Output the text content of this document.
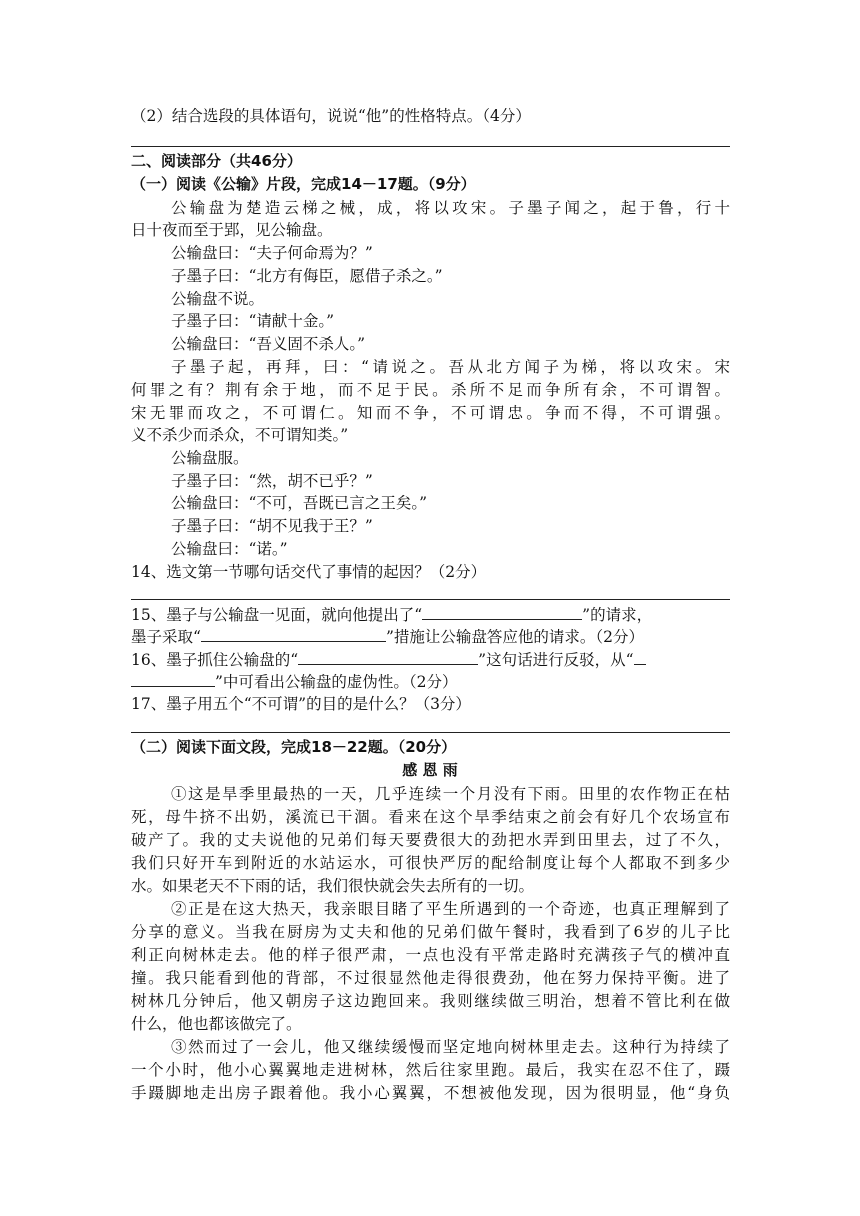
（2）结合选段的具体语句，说说“他”的性格特点。（4分）
二、阅读部分（共46分）
（一）阅读《公输》片段，完成14－17题。（9分）
公输盘为楚造云梯之械，成，将以攻宋。子墨子闻之，起于鲁，行十
日十夜而至于郢，见公输盘。
公输盘曰：“夫子何命焉为？”
子墨子曰：“北方有侮臣，愿借子杀之。”
公输盘不说。
子墨子曰：“请献十金。”
公输盘曰：“吾义固不杀人。”
子墨子起，再拜，曰：“请说之。吾从北方闻子为梯，将以攻宋。宋
何罪之有？荆有余于地，而不足于民。杀所不足而争所有余，不可谓智。
宋无罪而攻之，不可谓仁。知而不争，不可谓忠。争而不得，不可谓强。
义不杀少而杀众，不可谓知类。”
公输盘服。
子墨子曰：“然，胡不已乎？”
公输盘曰：“不可，吾既已言之王矣。”
子墨子曰：“胡不见我于王？”
公输盘曰：“诺。”
14、选文第一节哪句话交代了事情的起因？（2分）
15、墨子与公输盘一见面，就向他提出了“	”的请求，
墨子采取“	”措施让公输盘答应他的请求。（2分）
16、墨子抓住公输盘的“	”这句话进行反驳，从“
”中可看出公输盘的虚伪性。（2分）
17、墨子用五个“不可谓”的目的是什么？（3分）
（二）阅读下面文段，完成18－22题。（20分）
感 恩 雨
①这是旱季里最热的一天，几乎连续一个月没有下雨。田里的农作物正在枯
死，母牛挤不出奶，溪流已干涸。看来在这个旱季结束之前会有好几个农场宣布
破产了。我的丈夫说他的兄弟们每天要费很大的劲把水弄到田里去，过了不久，
我们只好开车到附近的水站运水，可很快严厉的配给制度让每个人都取不到多少
水。如果老天不下雨的话，我们很快就会失去所有的一切。
②正是在这大热天，我亲眼目睹了平生所遇到的一个奇迹，也真正理解到了
分享的意义。当我在厨房为丈夫和他的兄弟们做午餐时，我看到了6岁的儿子比
利正向树林走去。他的样子很严肃，一点也没有平常走路时充满孩子气的横冲直
撞。我只能看到他的背部，不过很显然他走得很费劲，他在努力保持平衡。进了
树林几分钟后，他又朝房子这边跑回来。我则继续做三明治，想着不管比利在做
什么，他也都该做完了。
③然而过了一会儿，他又继续缓慢而坚定地向树林里走去。这种行为持续了
一个小时，他小心翼翼地走进树林，然后往家里跑。最后，我实在忍不住了，蹑
手蹑脚地走出房子跟着他。我小心翼翼，不想被他发现，因为很明显，他“身负
